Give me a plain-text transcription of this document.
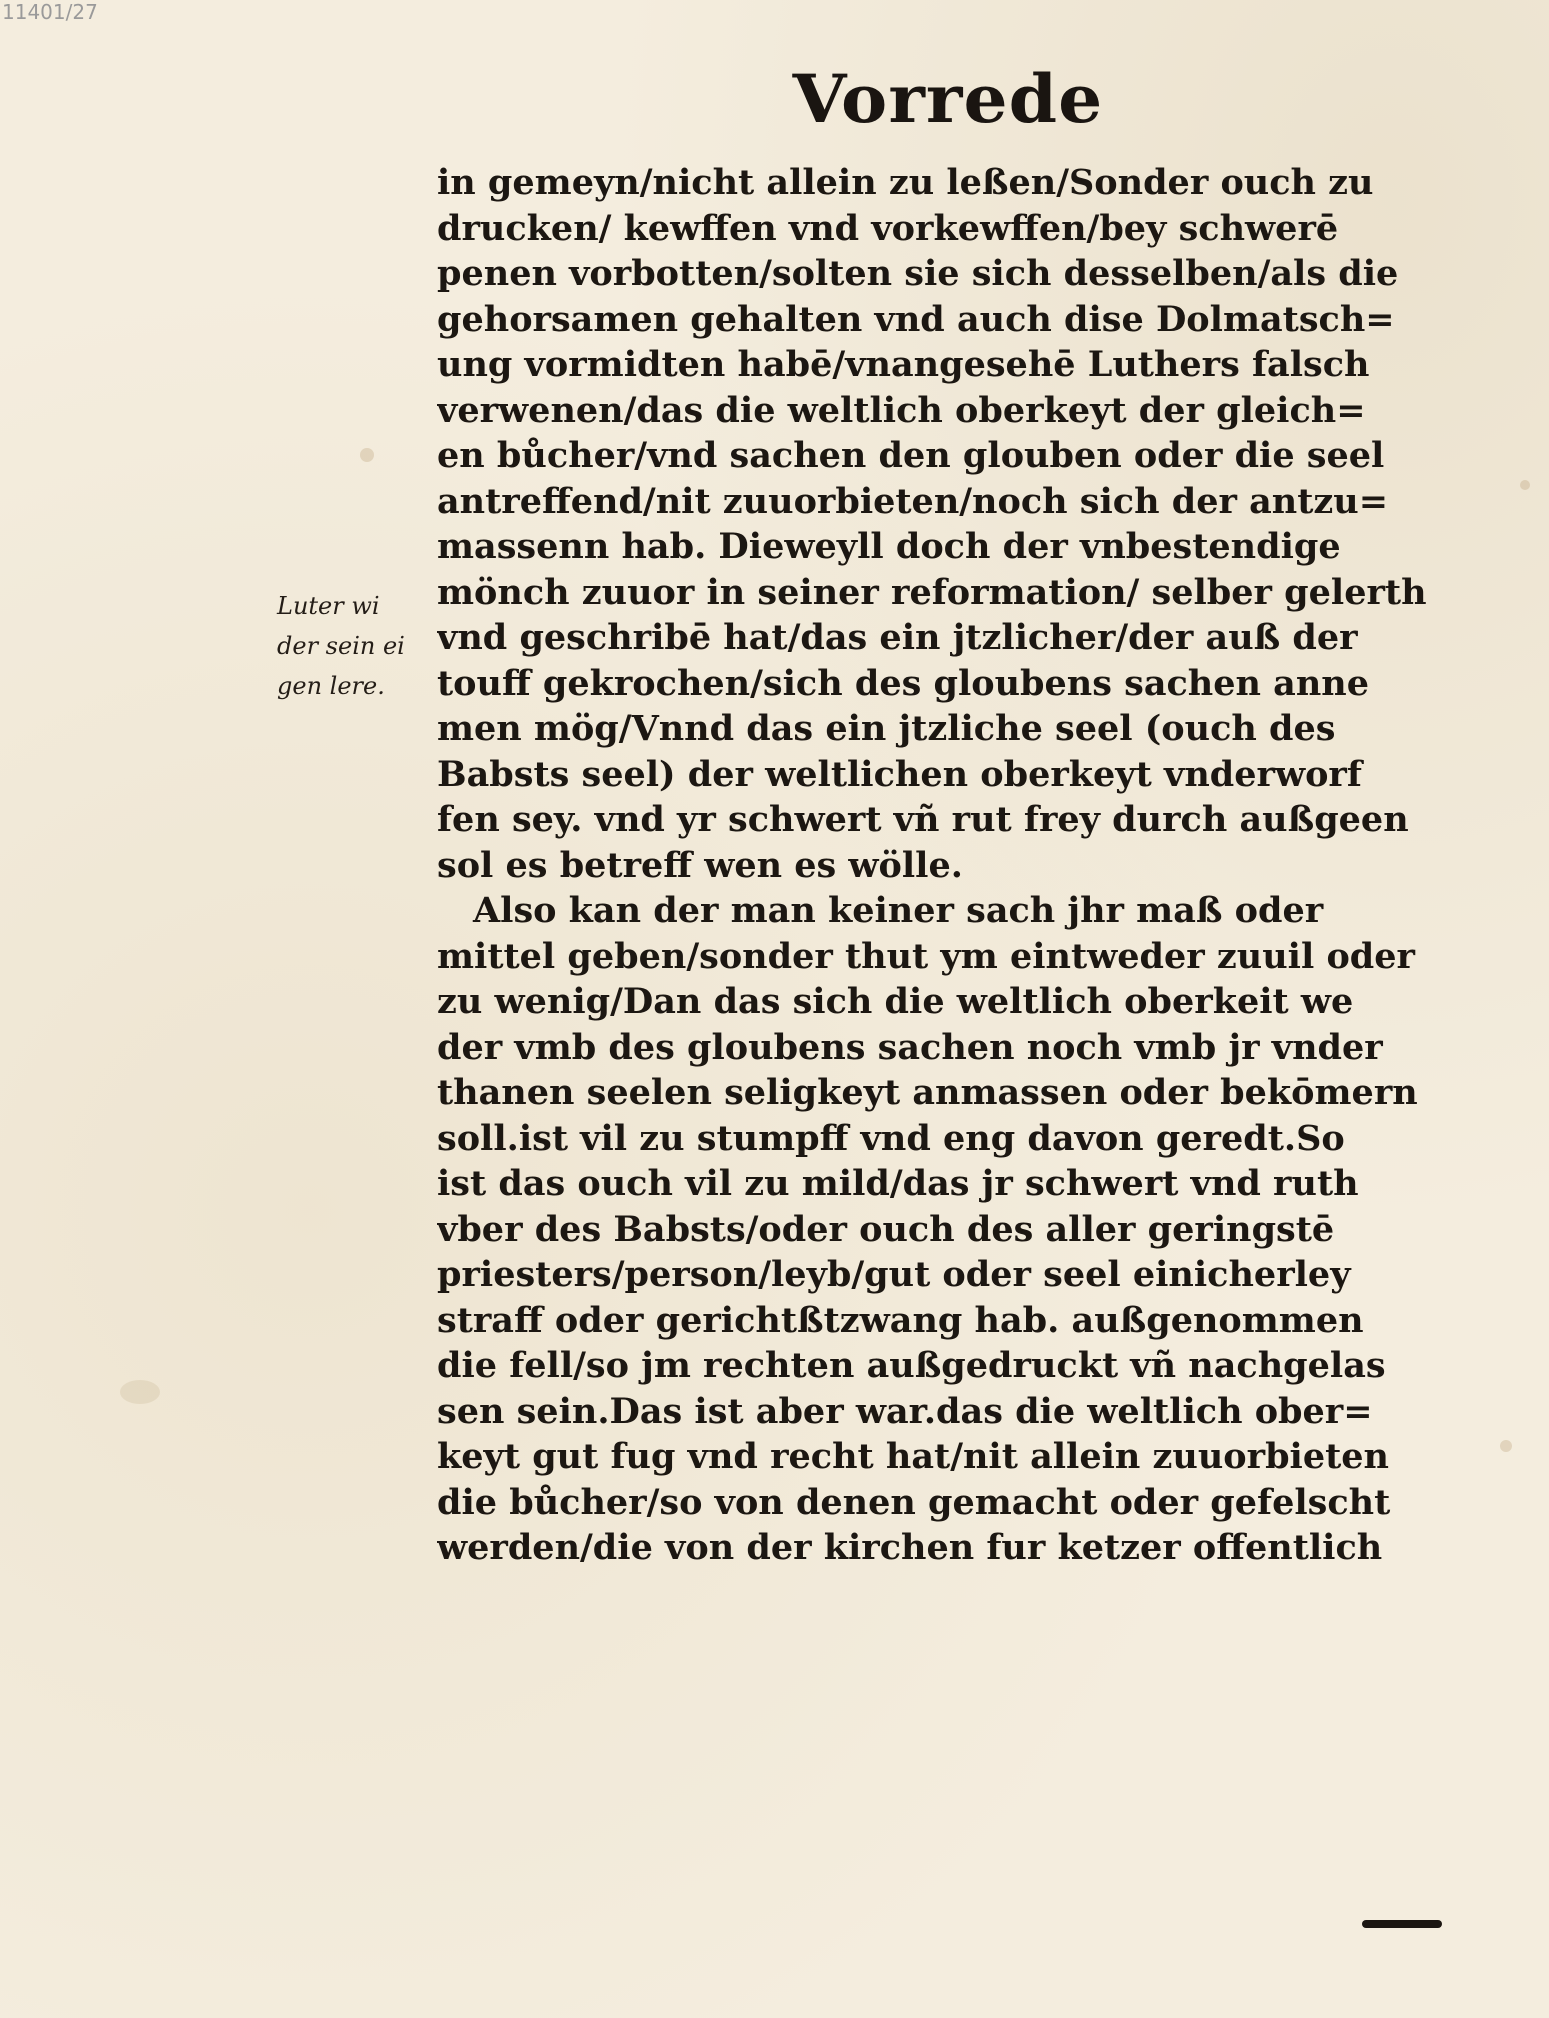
11401/27
Vorrede
Luter wi
der sein ei
gen lere.
in gemeyn/nicht allein zu leßen/Sonder ouch zu
drucken/ kewffen vnd vorkewffen/bey schwerē
penen vorbotten/solten sie sich desselben/als die
gehorsamen gehalten vnd auch dise Dolmatsch=
ung vormidten habē/vnangesehē Luthers falsch
verwenen/das die weltlich oberkeyt der gleich=
en bůcher/vnd sachen den glouben oder die seel
antreffend/nit zuuorbieten/noch sich der antzu=
massenn hab. Dieweyll doch der vnbestendige
mönch zuuor in seiner reformation/ selber gelerth
vnd geschribē hat/das ein jtzlicher/der auß der
touff gekrochen/sich des gloubens sachen anne
men mög/Vnnd das ein jtzliche seel (ouch des
Babsts seel) der weltlichen oberkeyt vnderworf
fen sey. vnd yr schwert vñ rut frey durch außgeen
sol es betreff wen es wölle.
Also kan der man keiner sach jhr maß oder
mittel geben/sonder thut ym eintweder zuuil oder
zu wenig/Dan das sich die weltlich oberkeit we
der vmb des gloubens sachen noch vmb jr vnder
thanen seelen seligkeyt anmassen oder bekōmern
soll.ist vil zu stumpff vnd eng davon geredt.So
ist das ouch vil zu mild/das jr schwert vnd ruth
vber des Babsts/oder ouch des aller geringstē
priesters/person/leyb/gut oder seel einicherley
straff oder gerichtßtzwang hab. außgenommen
die fell/so jm rechten außgedruckt vñ nachgelas
sen sein.Das ist aber war.das die weltlich ober=
keyt gut fug vnd recht hat/nit allein zuuorbieten
die bůcher/so von denen gemacht oder gefelscht
werden/die von der kirchen fur ketzer offentlich
